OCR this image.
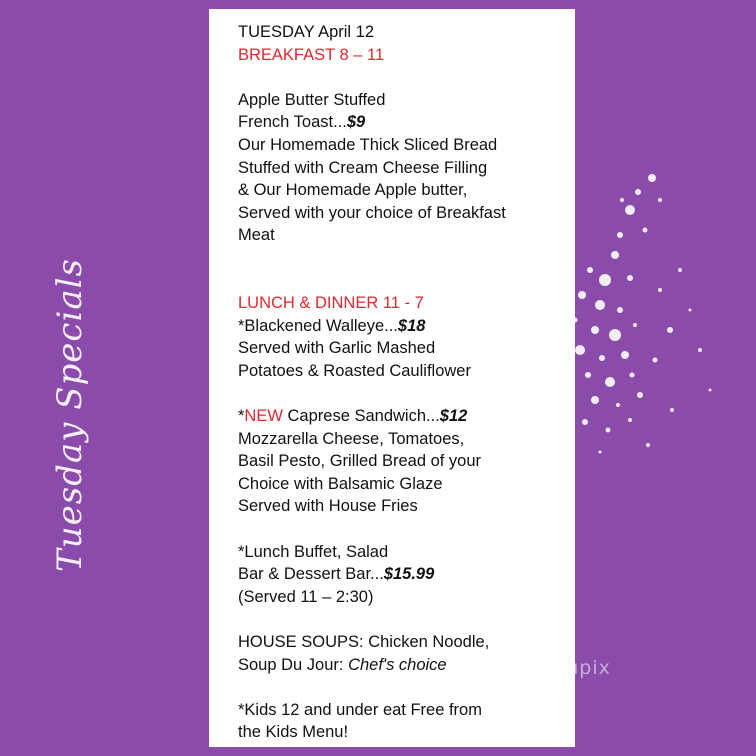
Tuesday Specials
TUESDAY April 12
BREAKFAST 8 – 11
Apple Butter Stuffed
French Toast...$9
Our Homemade Thick Sliced Bread
Stuffed with Cream Cheese Filling
& Our Homemade Apple butter,
Served with your choice of Breakfast
Meat
LUNCH & DINNER 11 - 7
*Blackened Walleye...$18
Served with Garlic Mashed
Potatoes & Roasted Cauliflower
*NEW Caprese Sandwich...$12
Mozzarella Cheese, Tomatoes,
Basil Pesto, Grilled Bread of your
Choice with Balsamic Glaze
Served with House Fries
*Lunch Buffet, Salad
Bar & Dessert Bar...$15.99
(Served 11 – 2:30)
HOUSE SOUPS: Chicken Noodle,
Soup Du Jour: Chef's choice
*Kids 12 and under eat Free from
the Kids Menu!
menupix
